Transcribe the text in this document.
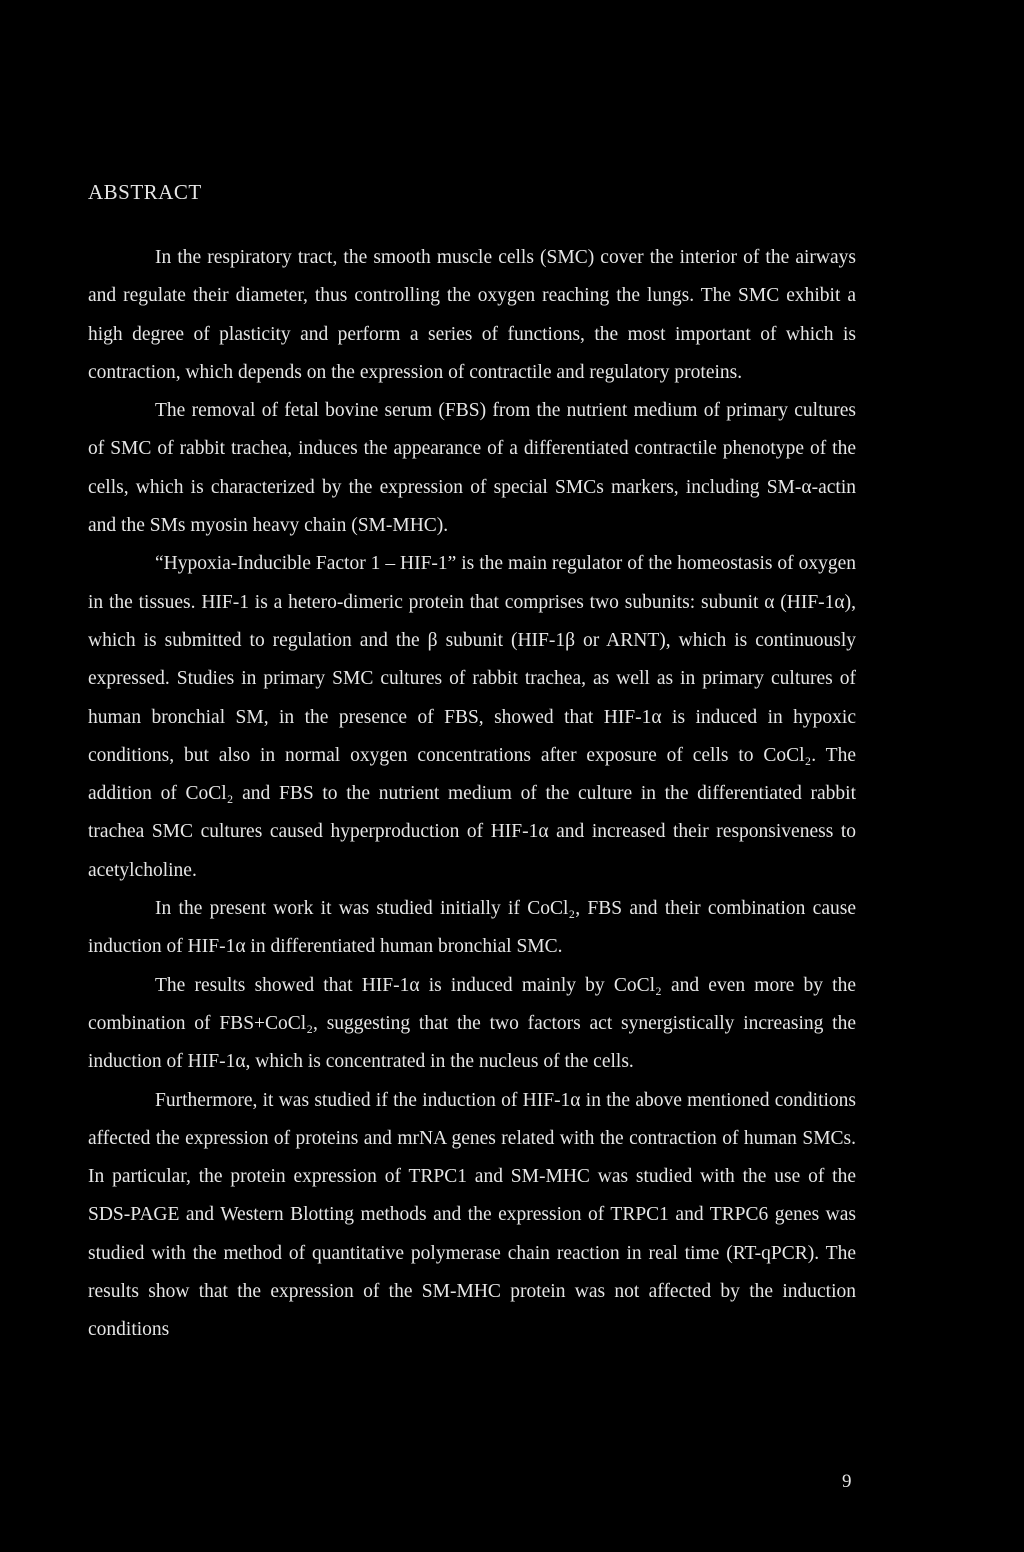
ABSTRACT

In the respiratory tract, the smooth muscle cells (SMC) cover the interior of the airways and regulate their diameter, thus controlling the oxygen reaching the lungs. The SMC exhibit a high degree of plasticity and perform a series of functions, the most important of which is contraction, which depends on the expression of contractile and regulatory proteins.

The removal of fetal bovine serum (FBS) from the nutrient medium of primary cultures of SMC of rabbit trachea, induces the appearance of a differentiated contractile phenotype of the cells, which is characterized by the expression of special SMCs markers, including SM-α-actin and the SMs myosin heavy chain (SM-MHC).

“Hypoxia-Inducible Factor 1 – HIF-1” is the main regulator of the homeostasis of oxygen in the tissues. HIF-1 is a hetero-dimeric protein that comprises two subunits: subunit α (HIF-1α), which is submitted to regulation and the β subunit (HIF-1β or ARNT), which is continuously expressed. Studies in primary SMC cultures of rabbit trachea, as well as in primary cultures of human bronchial SM, in the presence of FBS, showed that HIF-1α is induced in hypoxic conditions, but also in normal oxygen concentrations after exposure of cells to CoCl₂. The addition of CoCl₂ and FBS to the nutrient medium of the culture in the differentiated rabbit trachea SMC cultures caused hyperproduction of HIF-1α and increased their responsiveness to acetylcholine.

In the present work it was studied initially if CoCl₂, FBS and their combination cause induction of HIF-1α in differentiated human bronchial SMC.

The results showed that HIF-1α is induced mainly by CoCl₂ and even more by the combination of FBS+CoCl₂, suggesting that the two factors act synergistically increasing the induction of HIF-1α, which is concentrated in the nucleus of the cells.

Furthermore, it was studied if the induction of HIF-1α in the above mentioned conditions affected the expression of proteins and mrNA genes related with the contraction of human SMCs. In particular, the protein expression of TRPC1 and SM-MHC was studied with the use of the SDS-PAGE and Western Blotting methods and the expression of TRPC1 and TRPC6 genes was studied with the method of quantitative polymerase chain reaction in real time (RT-qPCR). The results show that the expression of the SM-MHC protein was not affected by the induction conditions

9
